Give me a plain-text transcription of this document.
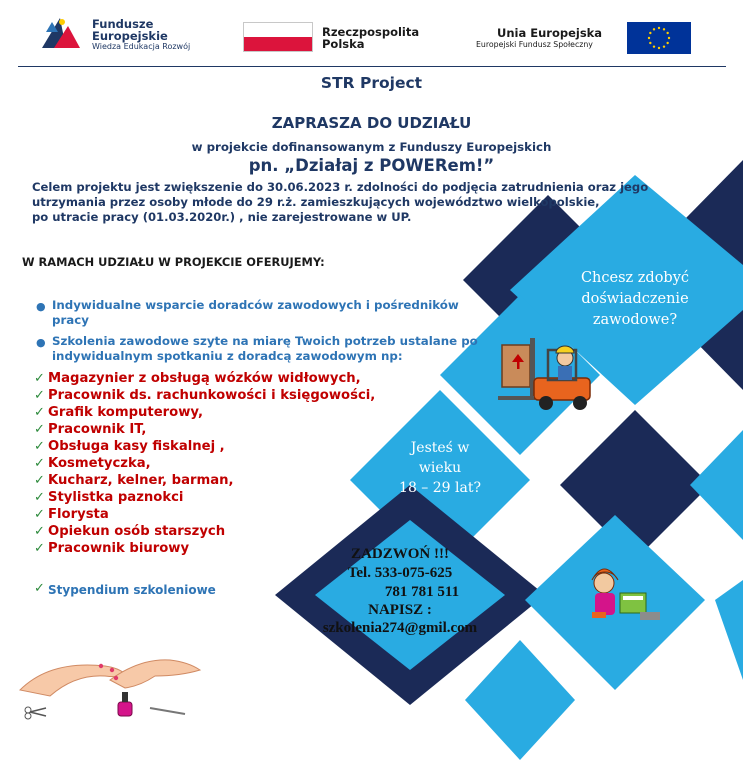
Fundusze
Europejskie
Wiedza Edukacja Rozwój
Rzeczpospolita
Polska
Unia Europejska
Europejski Fundusz Społeczny

STR Project

ZAPRASZA DO UDZIAŁU

w projekcie dofinansowanym z Funduszy Europejskich

pn. „Działaj z POWERem!”

Celem projektu jest zwiększenie do 30.06.2023 r. zdolności do podjęcia zatrudnienia oraz jego

utrzymania przez osoby młode do 29 r.ż. zamieszkujących województwo wielkopolskie,

po utracie pracy (01.03.2020r.) , nie zarejestrowane w UP.

W RAMACH UDZIAŁU W PROJEKCIE OFERUJEMY:

● Indywidualne wsparcie doradców zawodowych i pośredników
pracy
● Szkolenia zawodowe szyte na miarę Twoich potrzeb ustalane po
indywidualnym spotkaniu z doradcą zawodowym np:
✓ Magazynier z obsługą wózków widłowych,

✓ Pracownik ds. rachunkowości i księgowości,

✓ Grafik komputerowy,

✓ Pracownik IT,

✓ Obsługa kasy fiskalnej ,

✓ Kosmetyczka,

✓ Kucharz, kelner, barman,

✓ Stylistka paznokci

✓ Florysta

✓ Opiekun osób starszych

✓ Pracownik biurowy

✓ Stypendium szkoleniowe

Chcesz zdobyć
doświadczenie
zawodowe?
Jesteś w
wieku
18 – 29 lat?

ZADZWOŃ !!!

Tel. 533-075-625

781 781 511

NAPISZ :

szkolenia274@gmil.com
